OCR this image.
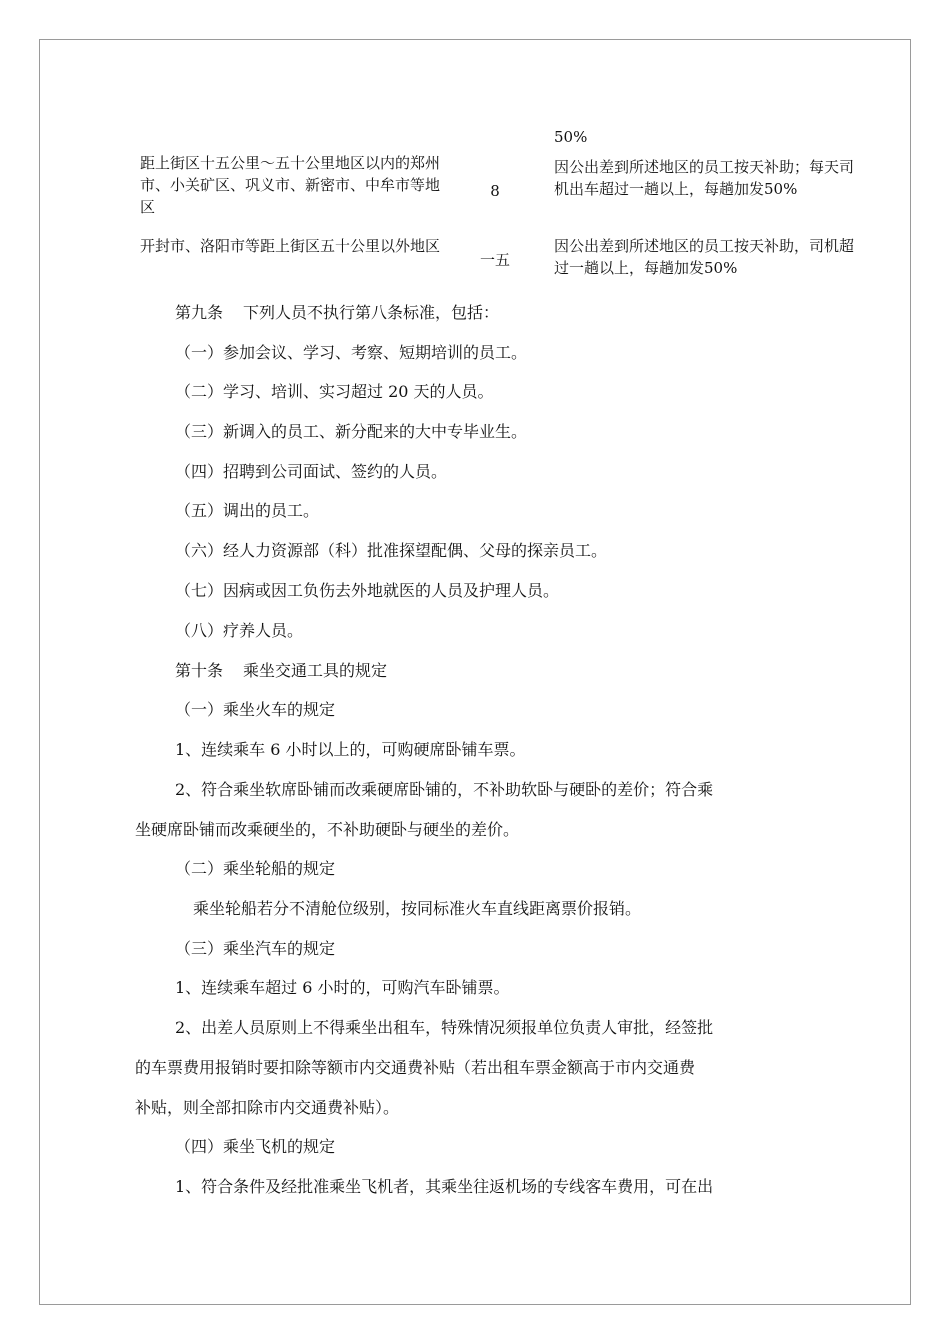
50%
距上街区十五公里～五十公里地区以内的郑州市、小关矿区、巩义市、新密市、中牟市等地区
8
因公出差到所述地区的员工按天补助；每天司机出车超过一趟以上，每趟加发50%
开封市、洛阳市等距上街区五十公里以外地区
一五
因公出差到所述地区的员工按天补助，司机超过一趟以上，每趟加发50%
第九条 下列人员不执行第八条标准，包括：
（一）参加会议、学习、考察、短期培训的员工。
（二）学习、培训、实习超过 20 天的人员。
（三）新调入的员工、新分配来的大中专毕业生。
（四）招聘到公司面试、签约的人员。
（五）调出的员工。
（六）经人力资源部（科）批准探望配偶、父母的探亲员工。
（七）因病或因工负伤去外地就医的人员及护理人员。
（八）疗养人员。
第十条 乘坐交通工具的规定
（一）乘坐火车的规定
1、连续乘车 6 小时以上的，可购硬席卧铺车票。
2、符合乘坐软席卧铺而改乘硬席卧铺的，不补助软卧与硬卧的差价；符合乘
坐硬席卧铺而改乘硬坐的，不补助硬卧与硬坐的差价。
（二）乘坐轮船的规定
乘坐轮船若分不清舱位级别，按同标准火车直线距离票价报销。
（三）乘坐汽车的规定
1、连续乘车超过 6 小时的，可购汽车卧铺票。
2、出差人员原则上不得乘坐出租车，特殊情况须报单位负责人审批，经签批
的车票费用报销时要扣除等额市内交通费补贴（若出租车票金额高于市内交通费
补贴，则全部扣除市内交通费补贴）。
（四）乘坐飞机的规定
1、符合条件及经批准乘坐飞机者，其乘坐往返机场的专线客车费用，可在出
